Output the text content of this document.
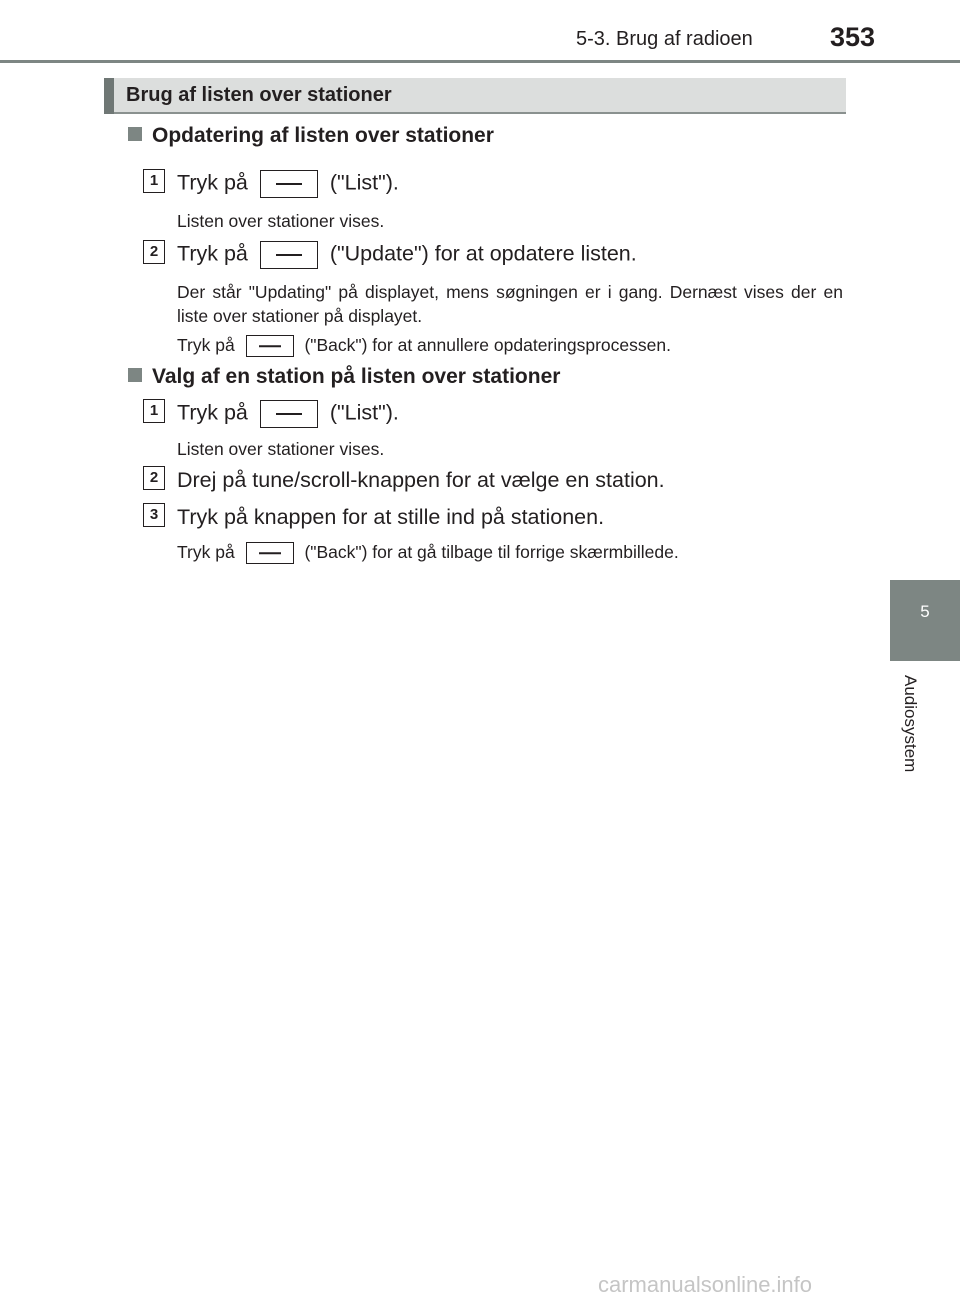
5-3. Brug af radioen	353
Brug af listen over stationer
Opdatering af listen over stationer
1 Tryk på	("List").
Listen over stationer vises.
2 Tryk på	("Update") for at opdatere listen.
Der står "Updating" på displayet, mens søgningen er i gang. Dernæst vises der en liste over stationer på displayet.
Tryk på	("Back") for at annullere opdateringsprocessen.
Valg af en station på listen over stationer
1 Tryk på	("List").
Listen over stationer vises.
2 Drej på tune/scroll-knappen for at vælge en station.
3 Tryk på knappen for at stille ind på stationen.
Tryk på	("Back") for at gå tilbage til forrige skærmbillede.
5
Audiosystem
carmanualsonline.info
